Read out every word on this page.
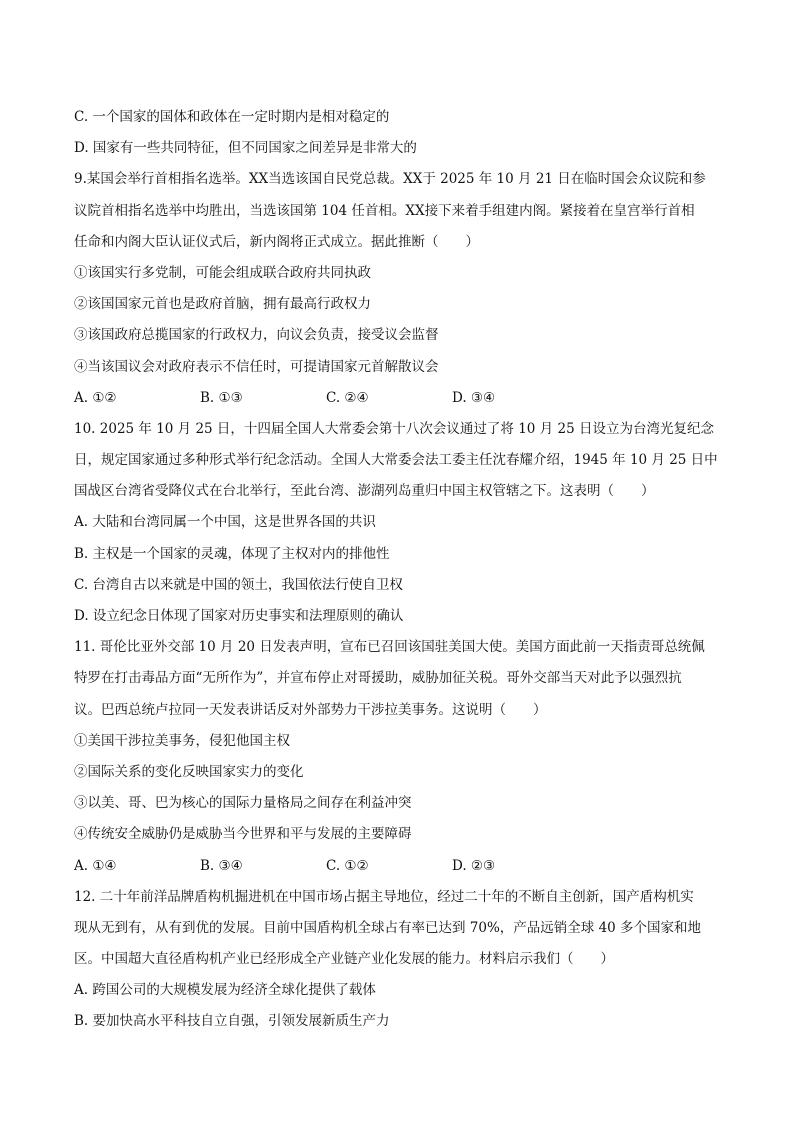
C. 一个国家的国体和政体在一定时期内是相对稳定的
D. 国家有一些共同特征，但不同国家之间差异是非常大的
9.某国会举行首相指名选举。XX当选该国自民党总裁。XX于 2025 年 10 月 21 日在临时国会众议院和参
议院首相指名选举中均胜出，当选该国第 104 任首相。XX接下来着手组建内阁。紧接着在皇宫举行首相
任命和内阁大臣认证仪式后，新内阁将正式成立。据此推断（　　）
①该国实行多党制，可能会组成联合政府共同执政
②该国国家元首也是政府首脑，拥有最高行政权力
③该国政府总揽国家的行政权力，向议会负责，接受议会监督
④当该国议会对政府表示不信任时，可提请国家元首解散议会
A. ①②	B. ①③	C. ②④	D. ③④
10. 2025 年 10 月 25 日，十四届全国人大常委会第十八次会议通过了将 10 月 25 日设立为台湾光复纪念
日，规定国家通过多种形式举行纪念活动。全国人大常委会法工委主任沈春耀介绍，1945 年 10 月 25 日中
国战区台湾省受降仪式在台北举行，至此台湾、澎湖列岛重归中国主权管辖之下。这表明（　　）
A. 大陆和台湾同属一个中国，这是世界各国的共识
B. 主权是一个国家的灵魂，体现了主权对内的排他性
C. 台湾自古以来就是中国的领土，我国依法行使自卫权
D. 设立纪念日体现了国家对历史事实和法理原则的确认
11. 哥伦比亚外交部 10 月 20 日发表声明，宣布已召回该国驻美国大使。美国方面此前一天指责哥总统佩
特罗在打击毒品方面“无所作为”，并宣布停止对哥援助，威胁加征关税。哥外交部当天对此予以强烈抗
议。巴西总统卢拉同一天发表讲话反对外部势力干涉拉美事务。这说明（　　）
①美国干涉拉美事务，侵犯他国主权
②国际关系的变化反映国家实力的变化
③以美、哥、巴为核心的国际力量格局之间存在利益冲突
④传统安全威胁仍是威胁当今世界和平与发展的主要障碍
A. ①④	B. ③④	C. ①②	D. ②③
12. 二十年前洋品牌盾构机掘进机在中国市场占据主导地位，经过二十年的不断自主创新，国产盾构机实
现从无到有，从有到优的发展。目前中国盾构机全球占有率已达到 70%，产品远销全球 40 多个国家和地
区。中国超大直径盾构机产业已经形成全产业链产业化发展的能力。材料启示我们（　　）
A. 跨国公司的大规模发展为经济全球化提供了载体
B. 要加快高水平科技自立自强，引领发展新质生产力
